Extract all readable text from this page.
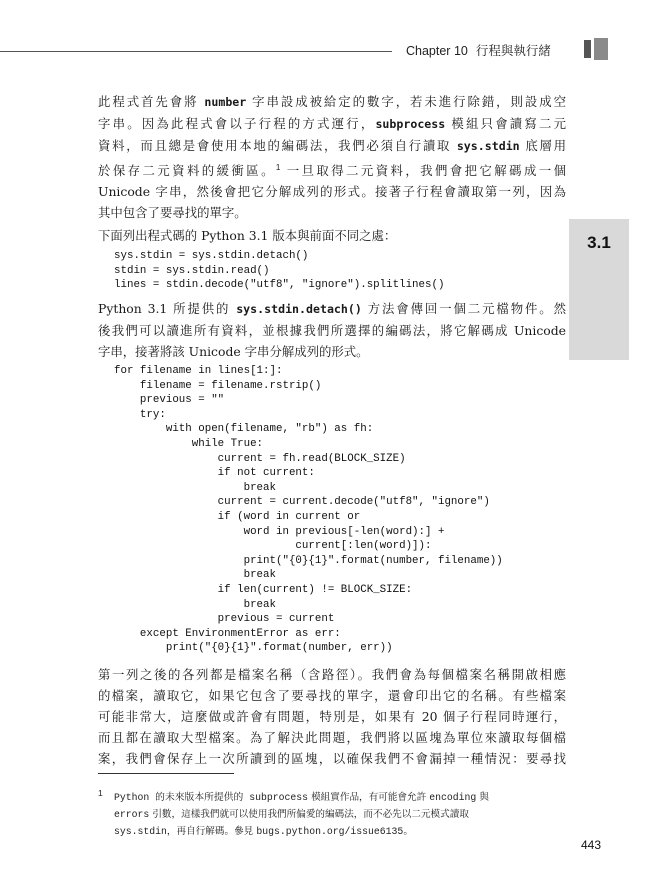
Chapter 10 行程與執行緒
3.1
此程式首先會將 number 字串設成被給定的數字，若未進行除錯，則設成空
字串。因為此程式會以子行程的方式運行，subprocess 模組只會讀寫二元
資料，而且總是會使用本地的編碼法，我們必須自行讀取 sys.stdin 底層用
於保存二元資料的緩衝區。$^1$ 一旦取得二元資料，我們會把它解碼成一個
Unicode 字串，然後會把它分解成列的形式。接著子行程會讀取第一列，因為
其中包含了要尋找的單字。
下面列出程式碼的 Python 3.1 版本與前面不同之處：
sys.stdin = sys.stdin.detach()
stdin = sys.stdin.read()
lines = stdin.decode("utf8", "ignore").splitlines()
Python 3.1 所提供的 sys.stdin.detach() 方法會傳回一個二元檔物件。然
後我們可以讀進所有資料，並根據我們所選擇的編碼法，將它解碼成 Unicode
字串，接著將該 Unicode 字串分解成列的形式。
for filename in lines[1:]:
filename = filename.rstrip()
previous = ""
try:
with open(filename, "rb") as fh:
while True:
current = fh.read(BLOCK_SIZE)
if not current:
break
current = current.decode("utf8", "ignore")
if (word in current or
word in previous[-len(word):] +
current[:len(word)]):
print("{0}{1}".format(number, filename))
break
if len(current) != BLOCK_SIZE:
break
previous = current
except EnvironmentError as err:
print("{0}{1}".format(number, err))
第一列之後的各列都是檔案名稱（含路徑）。我們會為每個檔案名稱開啟相應
的檔案，讀取它，如果它包含了要尋找的單字，還會印出它的名稱。有些檔案
可能非常大，這麼做或許會有問題，特別是，如果有 20 個子行程同時運行，
而且都在讀取大型檔案。為了解決此問題，我們將以區塊為單位來讀取每個檔
案，我們會保存上一次所讀到的區塊，以確保我們不會漏掉一種情況：要尋找
1	Python 的未來版本所提供的 subprocess 模組實作品，有可能會允許 encoding 與
errors 引數，這樣我們就可以使用我們所偏愛的編碼法，而不必先以二元模式讀取
sys.stdin，再自行解碼。參見 bugs.python.org/issue6135。
443
